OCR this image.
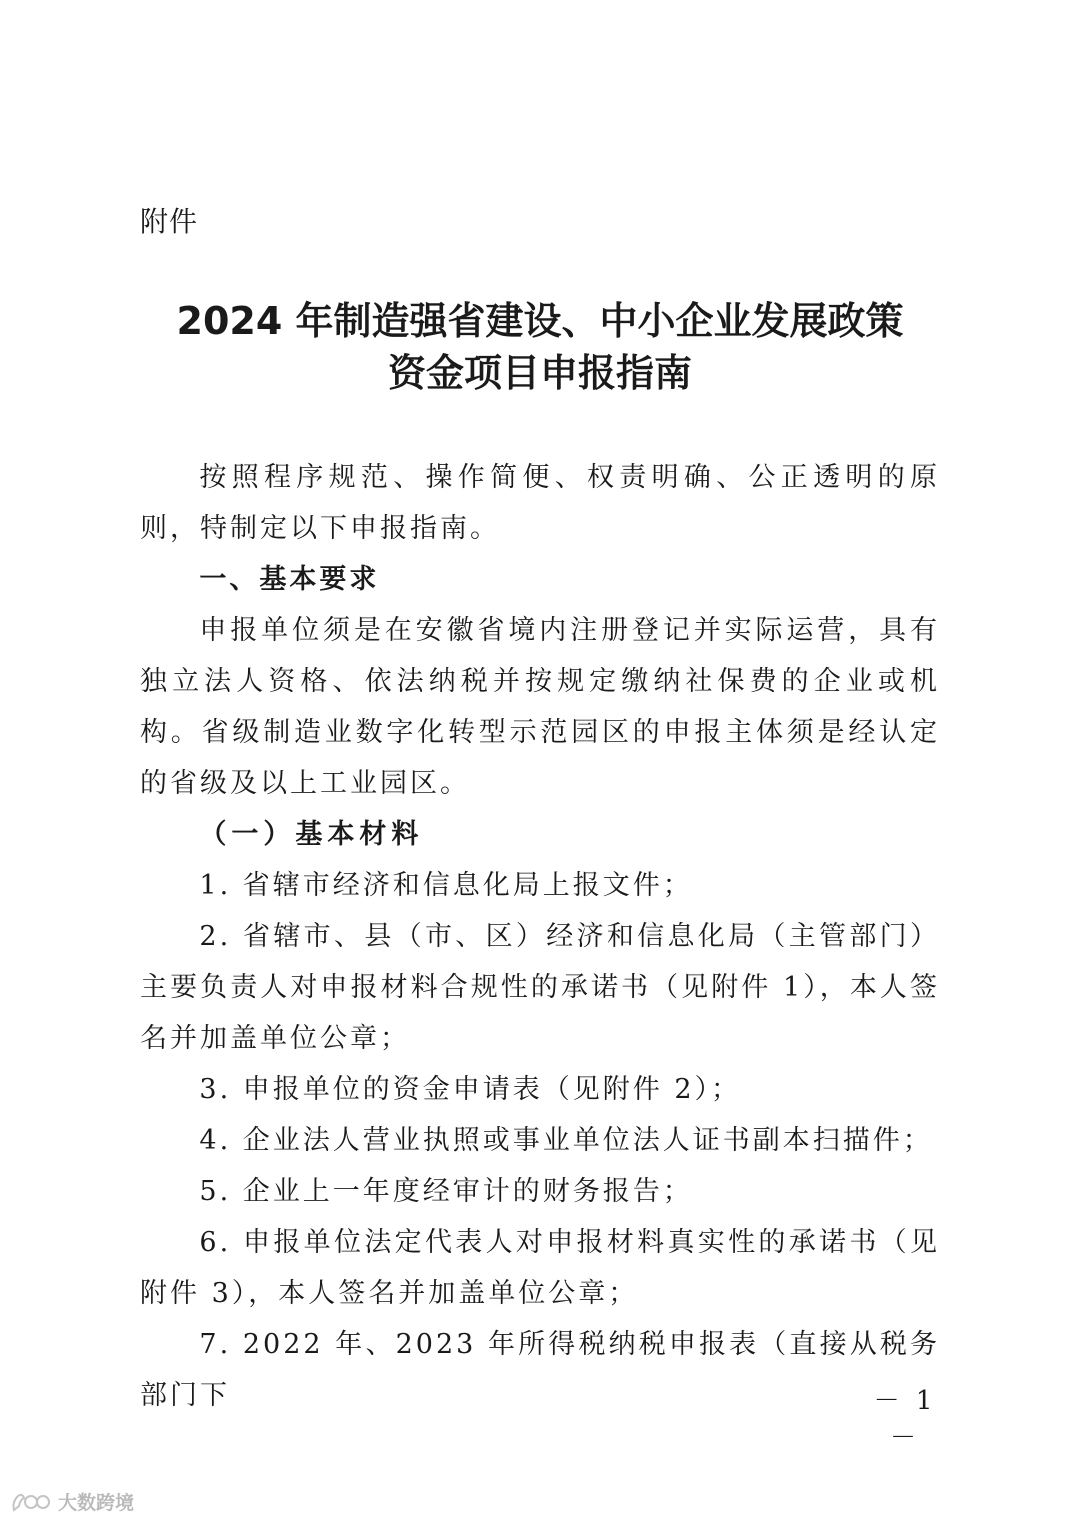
附件
2024 年制造强省建设、中小企业发展政策
资金项目申报指南

按照程序规范、操作简便、权责明确、公正透明的原则，特制定以下申报指南。

一、基本要求

申报单位须是在安徽省境内注册登记并实际运营，具有独立法人资格、依法纳税并按规定缴纳社保费的企业或机构。省级制造业数字化转型示范园区的申报主体须是经认定的省级及以上工业园区。

（一）基本材料

1. 省辖市经济和信息化局上报文件；

2. 省辖市、县（市、区）经济和信息化局（主管部门）主要负责人对申报材料合规性的承诺书（见附件 1），本人签名并加盖单位公章；

3. 申报单位的资金申请表（见附件 2）；

4. 企业法人营业执照或事业单位法人证书副本扫描件；

5. 企业上一年度经审计的财务报告；

6. 申报单位法定代表人对申报材料真实性的承诺书（见附件 3），本人签名并加盖单位公章；

7. 2022 年、2023 年所得税纳税申报表（直接从税务部门下	－ 1 －
大数跨境
